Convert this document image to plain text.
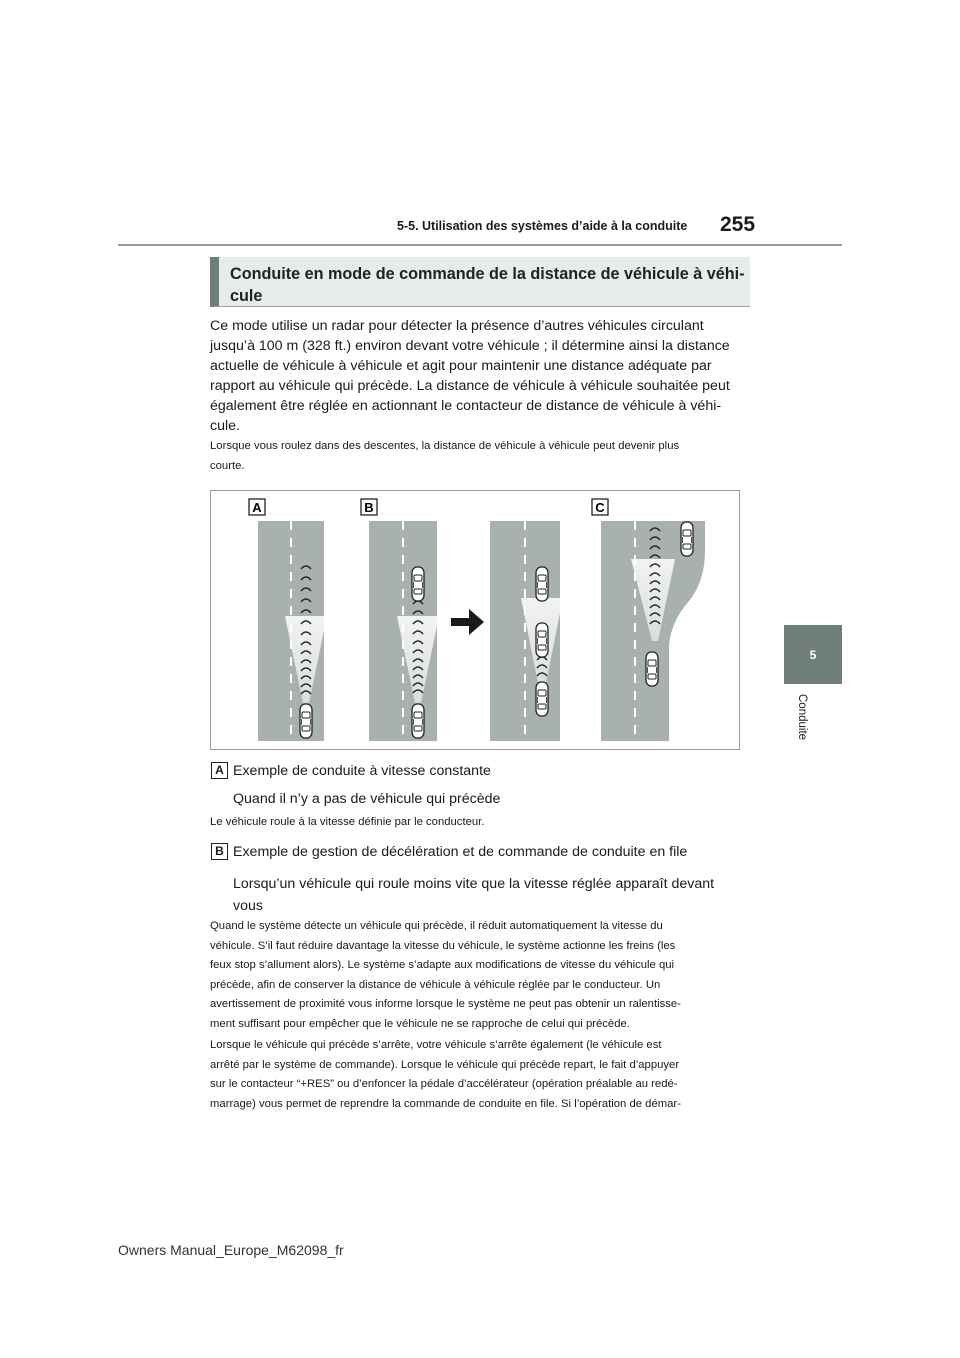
255
5-5. Utilisation des systèmes d’aide à la conduite
5
Conduite
Conduite en mode de commande de la distance de véhicule à véhi-cule
Ce mode utilise un radar pour détecter la présence d’autres véhicules circulant
jusqu’à 100 m (328 ft.) environ devant votre véhicule ; il détermine ainsi la distance
actuelle de véhicule à véhicule et agit pour maintenir une distance adéquate par
rapport au véhicule qui précède. La distance de véhicule à véhicule souhaitée peut
également être réglée en actionnant le contacteur de distance de véhicule à véhi-
cule.
Lorsque vous roulez dans des descentes, la distance de véhicule à véhicule peut devenir plus
courte.
A	B	C
A Exemple de conduite à vitesse constante
Quand il n’y a pas de véhicule qui précède
Le véhicule roule à la vitesse définie par le conducteur.
B Exemple de gestion de décélération et de commande de conduite en file
Lorsqu’un véhicule qui roule moins vite que la vitesse réglée apparaît devant
vous
Quand le système détecte un véhicule qui précède, il réduit automatiquement la vitesse du
véhicule. S’il faut réduire davantage la vitesse du véhicule, le système actionne les freins (les
feux stop s’allument alors). Le système s’adapte aux modifications de vitesse du véhicule qui
précède, afin de conserver la distance de véhicule à véhicule réglée par le conducteur. Un
avertissement de proximité vous informe lorsque le système ne peut pas obtenir un ralentisse-
ment suffisant pour empêcher que le véhicule ne se rapproche de celui qui précède.
Lorsque le véhicule qui précède s’arrête, votre véhicule s’arrête également (le véhicule est
arrêté par le système de commande). Lorsque le véhicule qui précède repart, le fait d’appuyer
sur le contacteur “+RES” ou d’enfoncer la pédale d’accélérateur (opération préalable au redé-
marrage) vous permet de reprendre la commande de conduite en file. Si l’opération de démar-
Owners Manual_Europe_M62098_fr
